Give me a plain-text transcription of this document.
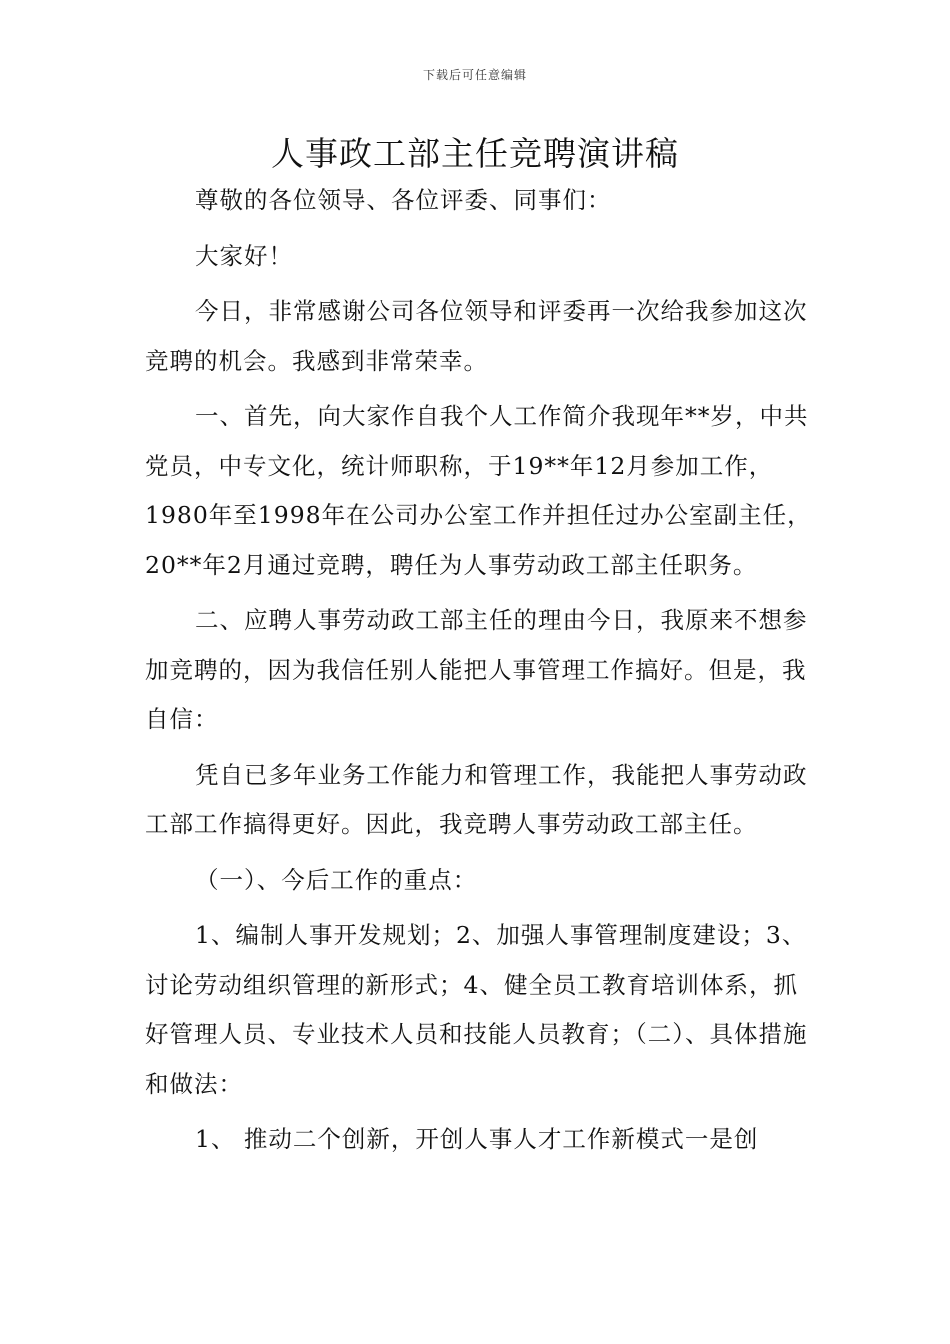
下载后可任意编辑
人事政工部主任竞聘演讲稿

尊敬的各位领导、各位评委、同事们：

大家好！

今日，非常感谢公司各位领导和评委再一次给我参加这次竞聘的机会。我感到非常荣幸。

一、首先，向大家作自我个人工作简介我现年**岁，中共党员，中专文化，统计师职称，于19**年12月参加工作，1980年至1998年在公司办公室工作并担任过办公室副主任，20**年2月通过竞聘，聘任为人事劳动政工部主任职务。

二、应聘人事劳动政工部主任的理由今日，我原来不想参加竞聘的，因为我信任别人能把人事管理工作搞好。但是，我自信：

凭自已多年业务工作能力和管理工作，我能把人事劳动政工部工作搞得更好。因此，我竞聘人事劳动政工部主任。

（一）、今后工作的重点：

1、编制人事开发规划；2、加强人事管理制度建设；3、讨论劳动组织管理的新形式；4、健全员工教育培训体系，抓好管理人员、专业技术人员和技能人员教育；（二）、具体措施和做法：

1、 推动二个创新，开创人事人才工作新模式一是创
